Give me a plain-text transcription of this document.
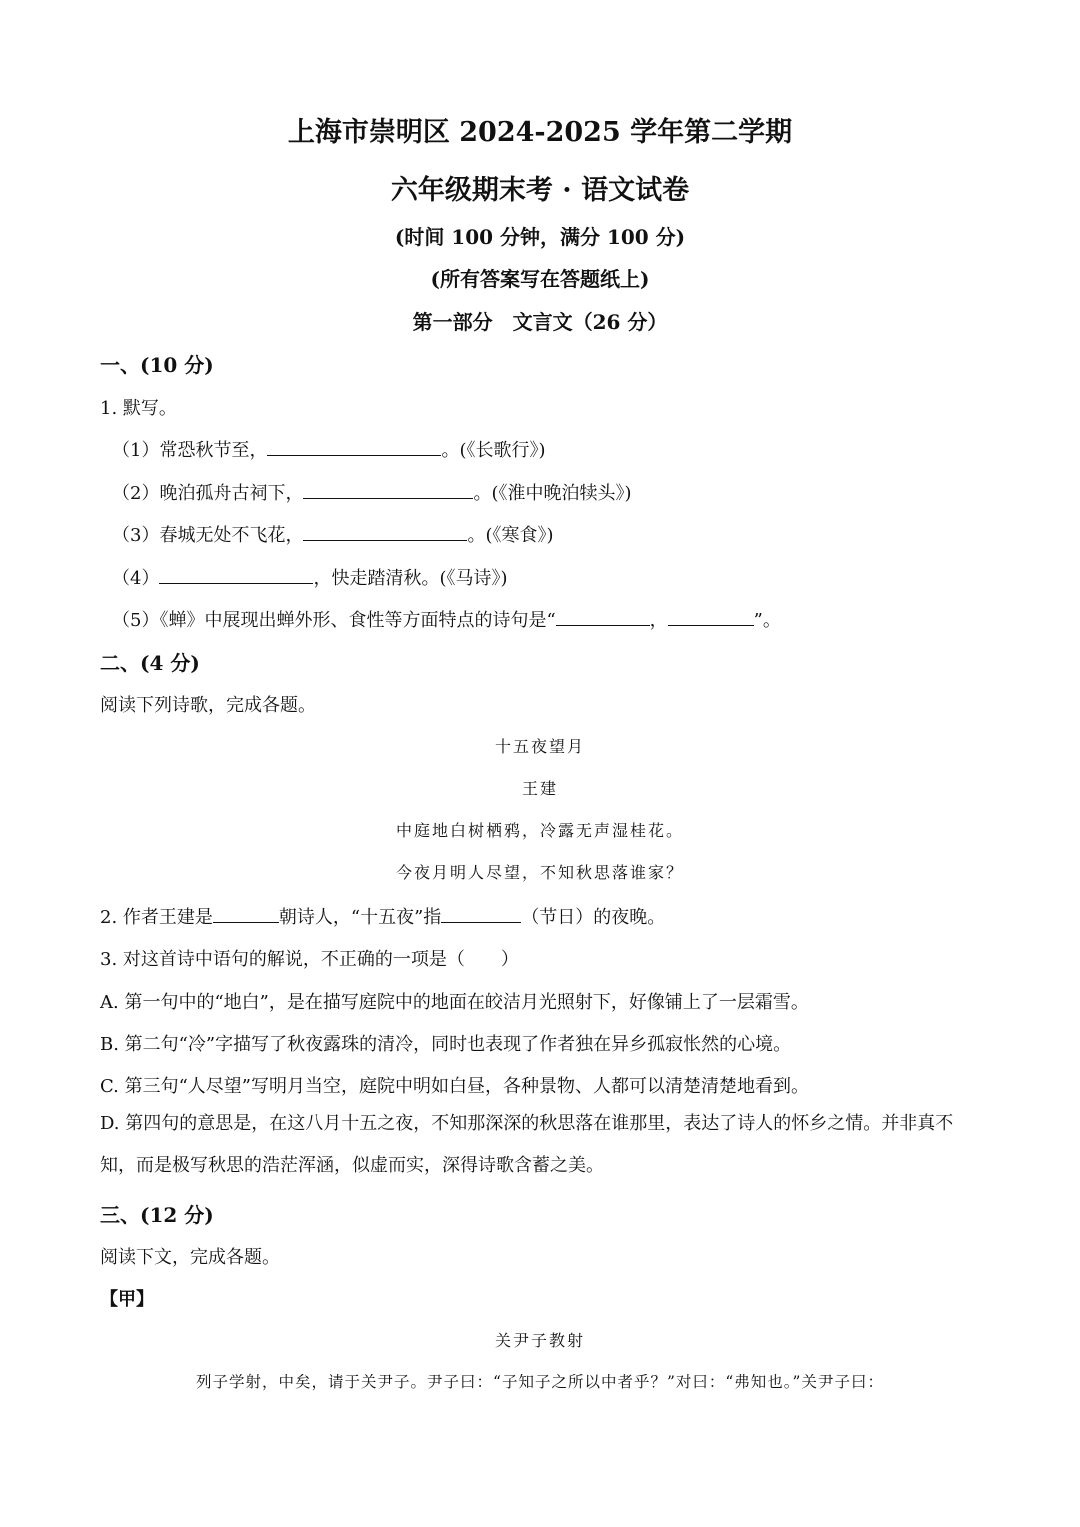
上海市崇明区 2024-2025 学年第二学期
六年级期末考 · 语文试卷
(时间 100 分钟，满分 100 分)
(所有答案写在答题纸上)
第一部分　文言文（26 分）
一、(10 分)
1. 默写。
（1）常恐秋节至，	。(《长歌行》)
（2）晚泊孤舟古祠下，	。(《淮中晚泊犊头》)
（3）春城无处不飞花，	。(《寒食》)
（4）	，快走踏清秋。(《马诗》)
（5）《蝉》中展现出蝉外形、食性等方面特点的诗句是“	，	”。
二、(4 分)
阅读下列诗歌，完成各题。
十五夜望月
王建
中庭地白树栖鸦，冷露无声湿桂花。
今夜月明人尽望，不知秋思落谁家？
2. 作者王建是	朝诗人，“十五夜”指	（节日）的夜晚。
3. 对这首诗中语句的解说，不正确的一项是（　　）
A. 第一句中的“地白”，是在描写庭院中的地面在皎洁月光照射下，好像铺上了一层霜雪。
B. 第二句“冷”字描写了秋夜露珠的清冷，同时也表现了作者独在异乡孤寂怅然的心境。
C. 第三句“人尽望”写明月当空，庭院中明如白昼，各种景物、人都可以清楚清楚地看到。
D. 第四句的意思是，在这八月十五之夜，不知那深深的秋思落在谁那里，表达了诗人的怀乡之情。并非真不知，而是极写秋思的浩茫浑涵，似虚而实，深得诗歌含蓄之美。
三、(12 分)
阅读下文，完成各题。
【甲】
关尹子教射
列子学射，中矣，请于关尹子。尹子曰：“子知子之所以中者乎？”对曰：“弗知也。”关尹子曰：
